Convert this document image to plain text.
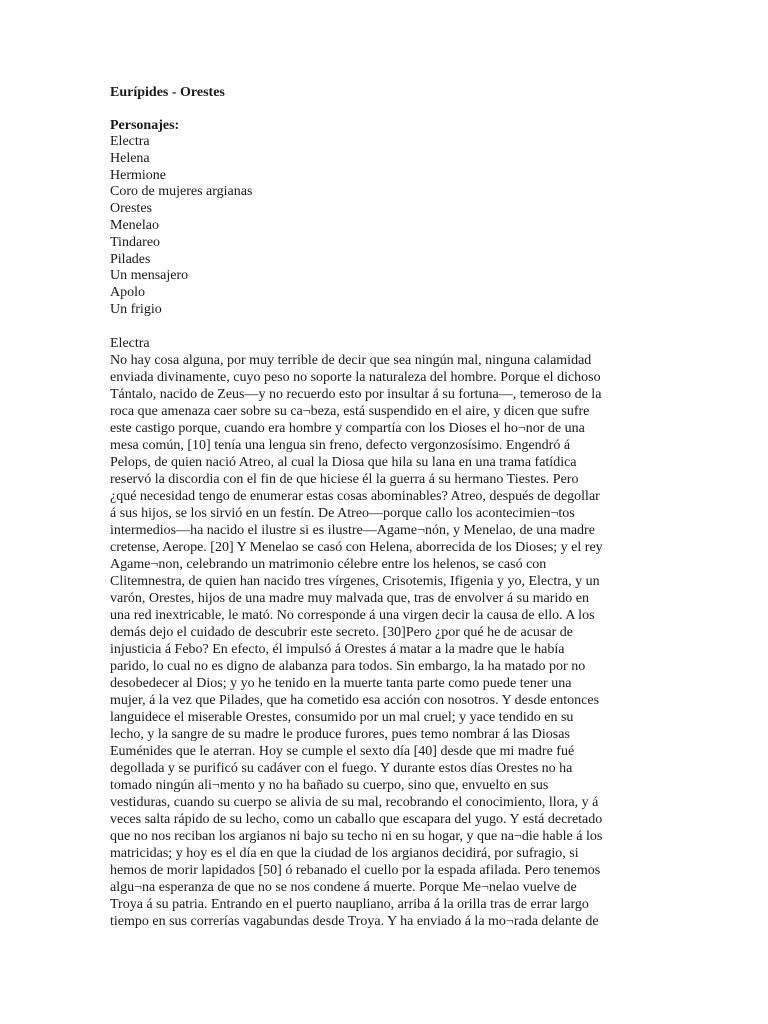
Eurípides - Orestes
Personajes:
Electra
Helena
Hermione
Coro de mujeres argianas
Orestes
Menelao
Tindareo
Pilades
Un mensajero
Apolo
Un frigio

Electra

No hay cosa alguna, por muy terrible de decir que sea ningún mal, ninguna calamidad
enviada divinamente, cuyo peso no soporte la naturaleza del hombre. Porque el dichoso
Tántalo, nacido de Zeus—y no recuerdo esto por insultar á su fortuna—, temeroso de la
roca que amenaza caer sobre su ca¬beza, está suspendido en el aire, y dicen que sufre
este castigo porque, cuando era hombre y compartía con los Dioses el ho¬nor de una
mesa común, [10] tenía una lengua sin freno, defecto vergonzosísimo. Engendró á
Pelops, de quien nació Atreo, al cual la Diosa que hila su lana en una trama fatídica
reservó la discordia con el fin de que hiciese él la guerra á su hermano Tiestes. Pero
¿qué necesidad tengo de enumerar estas cosas abominables? Atreo, después de degollar
á sus hijos, se los sirvió en un festín. De Atreo—porque callo los acontecimien¬tos
intermedios—ha nacido el ilustre si es ilustre—Agame¬nón, y Menelao, de una madre
cretense, Aerope. [20] Y Menelao se casó con Helena, aborrecida de los Dioses; y el rey
Agame¬non, celebrando un matrimonio célebre entre los helenos, se casó con
Clitemnestra, de quien han nacido tres vírgenes, Crisotemis, Ifigenia y yo, Electra, y un
varón, Orestes, hijos de una madre muy malvada que, tras de envolver á su marido en
una red inextricable, le mató. No corresponde á una virgen decir la causa de ello. A los
demás dejo el cuidado de descubrir este secreto. [30]Pero ¿por qué he de acusar de
injusticia á Febo? En efecto, él impulsó á Orestes á matar a la madre que le había
parido, lo cual no es digno de alabanza para todos. Sin embargo, la ha matado por no
desobedecer al Dios; y yo he tenido en la muerte tanta parte como puede tener una
mujer, á la vez que Pilades, que ha cometido esa acción con nosotros. Y desde entonces
languidece el miserable Orestes, consumido por un mal cruel; y yace tendido en su
lecho, y la sangre de su madre le produce furores, pues temo nombrar á las Diosas
Euménides que le aterran. Hoy se cumple el sexto día [40] desde que mi madre fué
degollada y se purificó su cadáver con el fuego. Y durante estos días Orestes no ha
tomado ningún ali¬mento y no ha bañado su cuerpo, sino que, envuelto en sus
vestiduras, cuando su cuerpo se alivia de su mal, recobrando el conocimiento, llora, y á
veces salta rápido de su lecho, como un caballo que escapara del yugo. Y está decretado
que no nos reciban los argianos ni bajo su techo ni en su hogar, y que na¬die hable á los
matricidas; y hoy es el día en que la ciudad de los argianos decidirá, por sufragio, si
hemos de morir lapidados [50] ó rebanado el cuello por la espada afilada. Pero tenemos
algu¬na esperanza de que no se nos condene á muerte. Porque Me¬nelao vuelve de
Troya á su patria. Entrando en el puerto naupliano, arriba á la orilla tras de errar largo
tiempo en sus correrías vagabundas desde Troya. Y ha enviado á la mo¬rada delante de
